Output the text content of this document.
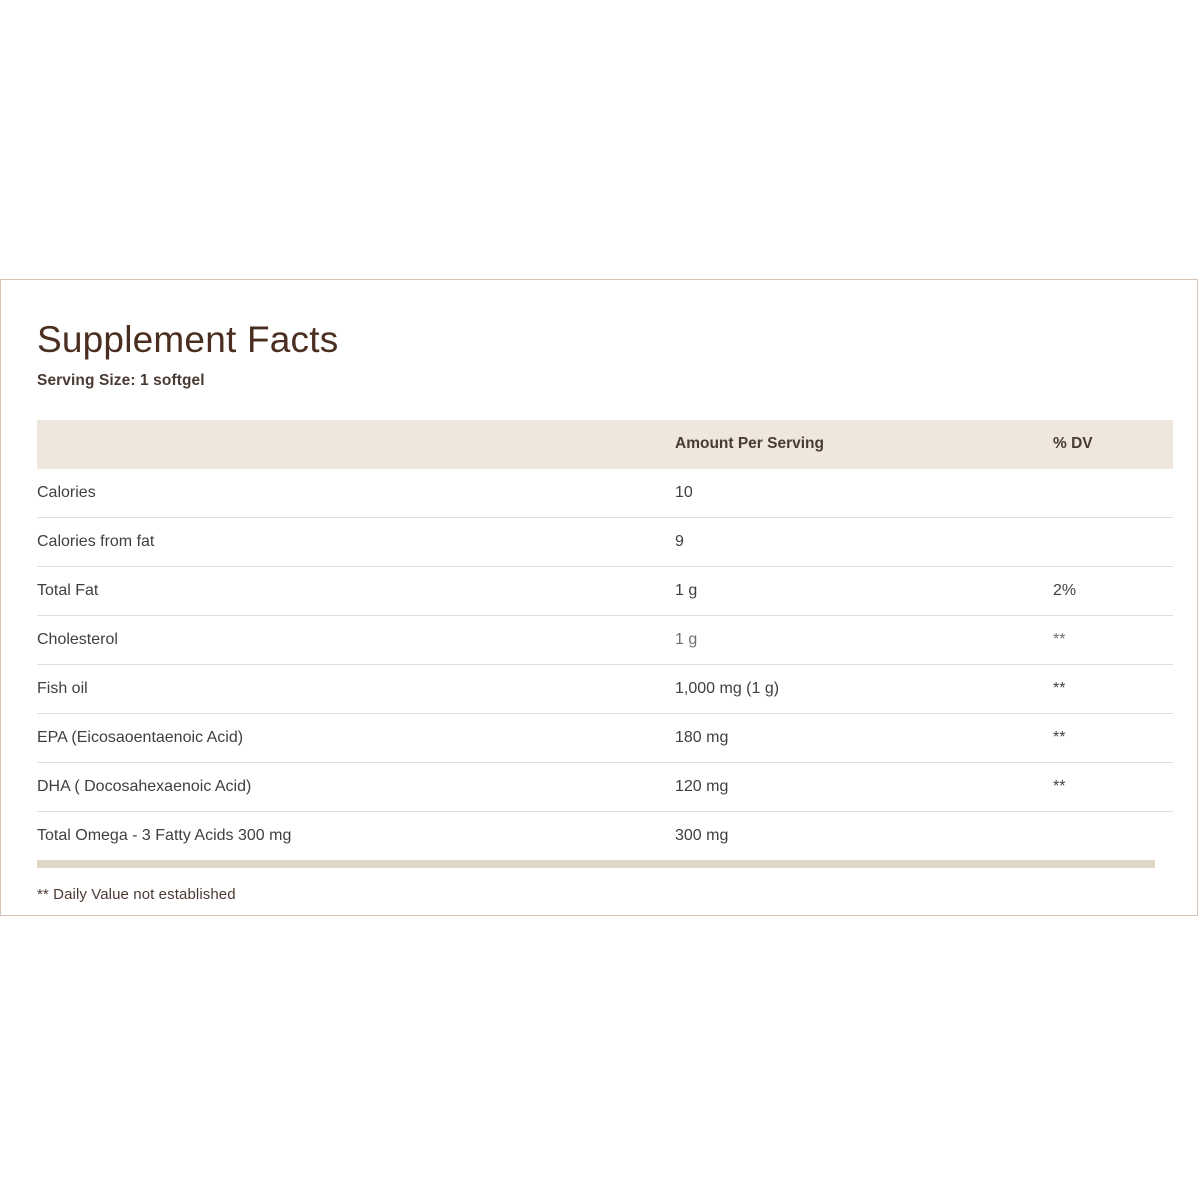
Supplement Facts
Serving Size: 1 softgel
	Amount Per Serving	% DV
Calories	10	
Calories from fat	9	
Total Fat	1 g	2%
Cholesterol	1 g	**
Fish oil	1,000 mg (1 g)	**
EPA (Eicosaoentaenoic Acid)	180 mg	**
DHA ( Docosahexaenoic Acid)	120 mg	**
Total Omega - 3 Fatty Acids 300 mg	300 mg	
** Daily Value not established
